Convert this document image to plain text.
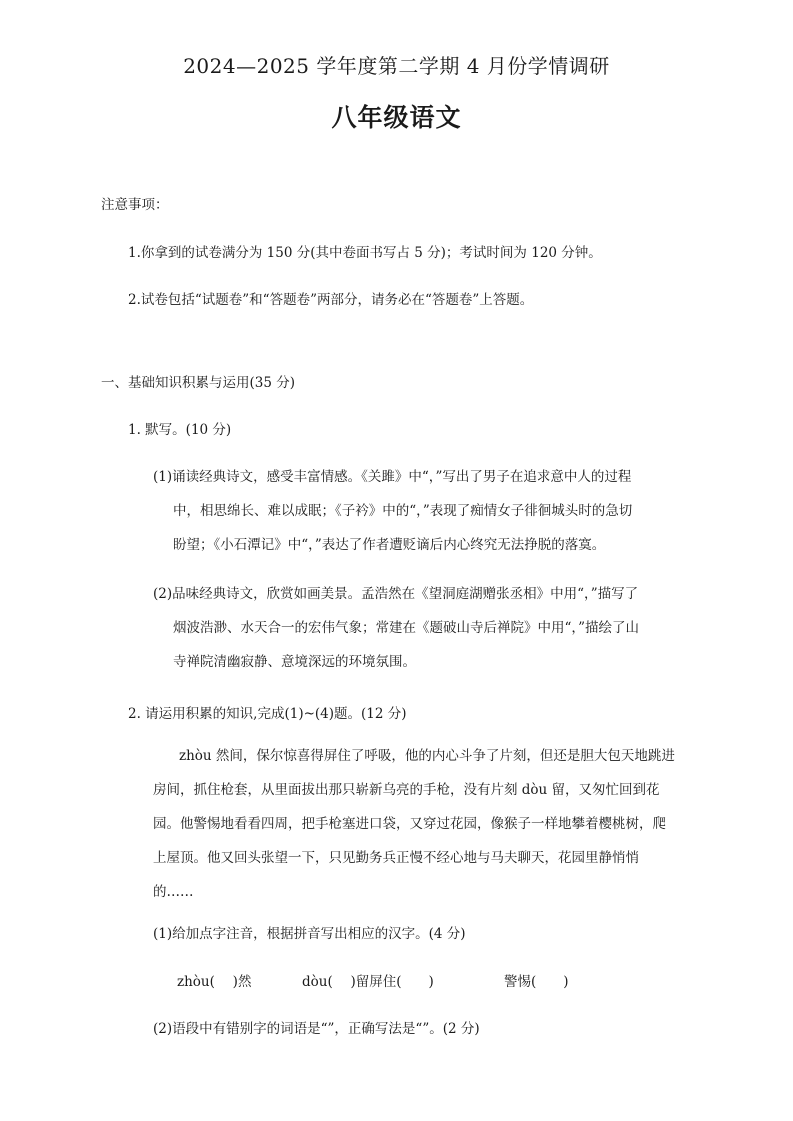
2024—2025 学年度第二学期 4 月份学情调研
八年级语文
注意事项：
1.你拿到的试卷满分为 150 分(其中卷面书写占 5 分)；考试时间为 120 分钟。
2.试卷包括“试题卷”和“答题卷”两部分，请务必在“答题卷”上答题。
一、基础知识积累与运用(35 分)
1. 默写。(10 分)
(1)诵读经典诗文，感受丰富情感。《关雎》中“，”写出了男子在追求意中人的过程
中，相思绵长、难以成眠；《子衿》中的“，”表现了痴情女子徘徊城头时的急切
盼望；《小石潭记》中“，”表达了作者遭贬谪后内心终究无法挣脱的落寞。
(2)品味经典诗文，欣赏如画美景。孟浩然在《望洞庭湖赠张丞相》中用“，”描写了
烟波浩渺、水天合一的宏伟气象；常建在《题破山寺后禅院》中用“，”描绘了山
寺禅院清幽寂静、意境深远的环境氛围。
2. 请运用积累的知识,完成(1)~(4)题。(12 分)
zhòu 然间，保尔惊喜得屏住了呼吸，他的内心斗争了片刻，但还是胆大包天地跳进
房间，抓住枪套，从里面拔出那只崭新乌亮的手枪，没有片刻 dòu 留，又匆忙回到花
园。他警惕地看看四周，把手枪塞进口袋，又穿过花园，像猴子一样地攀着樱桃树，爬
上屋顶。他又回头张望一下，只见勤务兵正慢不经心地与马夫聊天，花园里静悄悄
的……
(1)给加点字注音，根据拼音写出相应的汉字。(4 分)
zhòu(　 )然	dòu(　 )留屏住(　　)	警惕(　　)
(2)语段中有错别字的词语是“”，正确写法是“”。(2 分)
